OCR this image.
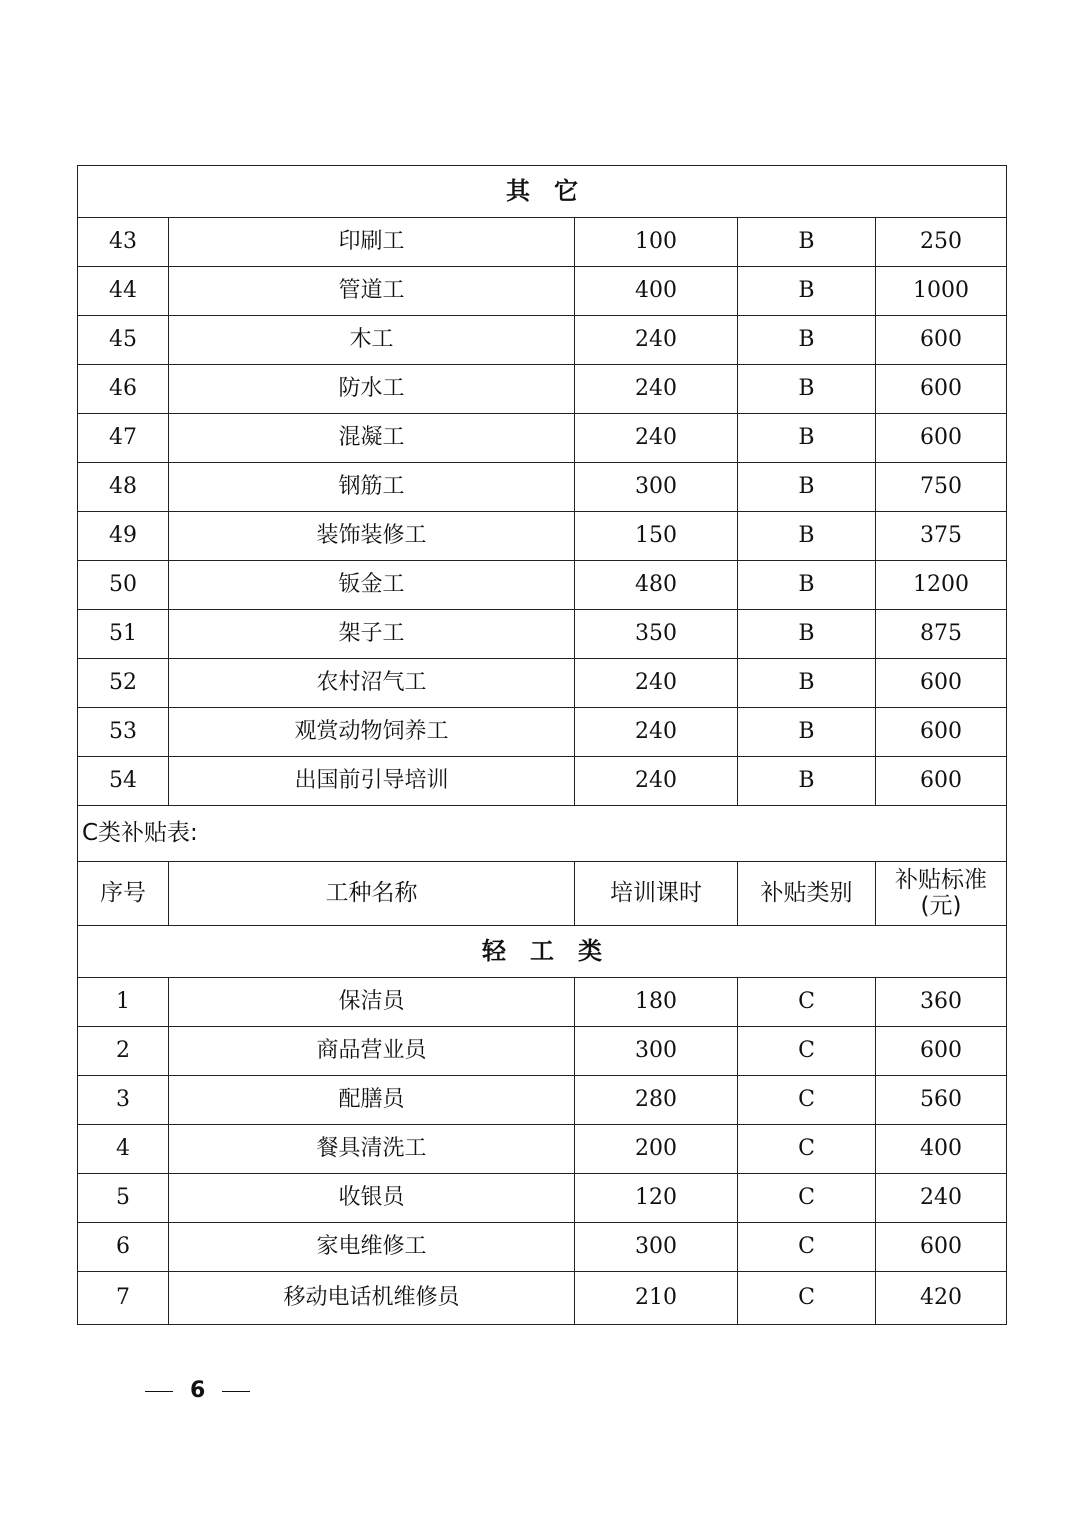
其　它				
43	印刷工	100	B	250
44	管道工	400	B	1000
45	木工	240	B	600
46	防水工	240	B	600
47	混凝工	240	B	600
48	钢筋工	300	B	750
49	装饰装修工	150	B	375
50	钣金工	480	B	1200
51	架子工	350	B	875
52	农村沼气工	240	B	600
53	观赏动物饲养工	240	B	600
54	出国前引导培训	240	B	600
C类补贴表:				
序号	工种名称	培训课时	补贴类别	补贴标准
(元)

轻　工　类				
1	保洁员	180	C	360
2	商品营业员	300	C	600
3	配膳员	280	C	560
4	餐具清洗工	200	C	400
5	收银员	120	C	240
6	家电维修工	300	C	600
7	移动电话机维修员	210	C	420
6
